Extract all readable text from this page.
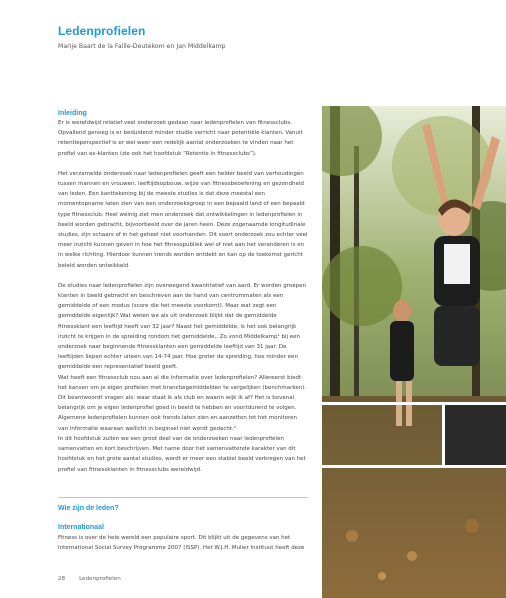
Ledenprofielen
Marije Baart de la Faille-Deutekom en Jan Middelkamp
Inleiding

Er is wereldwijd relatief veel onderzoek gedaan naar ledenprofielen van fitnessclubs. Opvallend genoeg is er beduidend minder studie verricht naar potentiële klanten. Vanuit retentieperspectief is er wel weer een redelijk aantal onderzoeken te vinden naar het profiel van ex-klanten (zie ook het hoofdstuk “Retentie in fitnessclubs”).

Het verzamelde onderzoek naar ledenprofielen geeft een helder beeld van verhoudingen tussen mannen en vrouwen, leeftijdsopbouw, wijze van fitnessbeoefening en gezondheid van leden. Een kanttekening bij de meeste studies is dat deze meestal een momentopname laten zien van een onderzoeksgroep in een bepaald land of een bepaald type fitnessclub. Heel weinig ziet men onderzoek dat ontwikkelingen in ledenprofielen in beeld worden gebracht, bijvoorbeeld over de jaren heen. Deze zogenaamde longitudinale studies, zijn schaars of in het geheel niet voorhanden. Dit soort onderzoek zou echter veel meer inzicht kunnen geven in hoe het fitnesspubliek wel of niet aan het veranderen is en in welke richting. Hierdoor kunnen trends worden ontdekt en kan op de toekomst gericht beleid worden ontwikkeld.

De studies naar ledenprofielen zijn overwegend kwantitatief van aard. Er worden groepen klanten in beeld gebracht en beschreven aan de hand van centrummaten als een gemiddelde of een modus (score die het meeste voorkomt). Maar wat zegt een gemiddelde eigenlijk? Wat weten we als uit onderzoek blijkt dat de gemiddelde fitnessklant een leeftijd heeft van 32 jaar? Naast het gemiddelde, is het ook belangrijk inzicht te krijgen in de spreiding rondom het gemiddelde,. Zo vond Middelkamp¹ bij een onderzoek naar beginnende fitnessklanten een gemiddelde leeftijd van 31 jaar. De leeftijden liepen echter uiteen van 14-74 jaar. Hoe groter de spreiding, hoe minder een gemiddelde een representatief beeld geeft.

Wat heeft een fitnessclub nou aan al die informatie over ledenprofielen? Allereerst biedt het kansen om je eigen profielen met branchegemiddelden te vergelijken (benchmarken). Dit beantwoordt vragen als: waar staat ik als club en waarin wijk ik af? Het is bovenal belangrijk om je eigen ledenprofiel goed in beeld te hebben en voortdurend te volgen. Algemene ledenprofielen kunnen ook trends laten zien en aanzetten tot het monitoren van informatie waaraan wellicht in beginsel niet wordt gedacht.²

In dit hoofdstuk zullen we een groot deel van de onderzoeken naar ledenprofielen samenvatten en kort beschrijven. Met name door het samenvattende karakter van dit hoofdstuk en het grote aantal studies, wordt er meer een stabiel beeld verkregen van het profiel van fitnessklanten in fitnessclubs wereldwijd.

Wie zijn de leden?
Internationaal

Fitness is over de hele wereld een populaire sport. Dit blijkt uit de gegevens van het International Social Survey Programme 2007 (ISSP). Het W.J.H. Mulier Instituut heeft deze

28	Ledenprofielen
